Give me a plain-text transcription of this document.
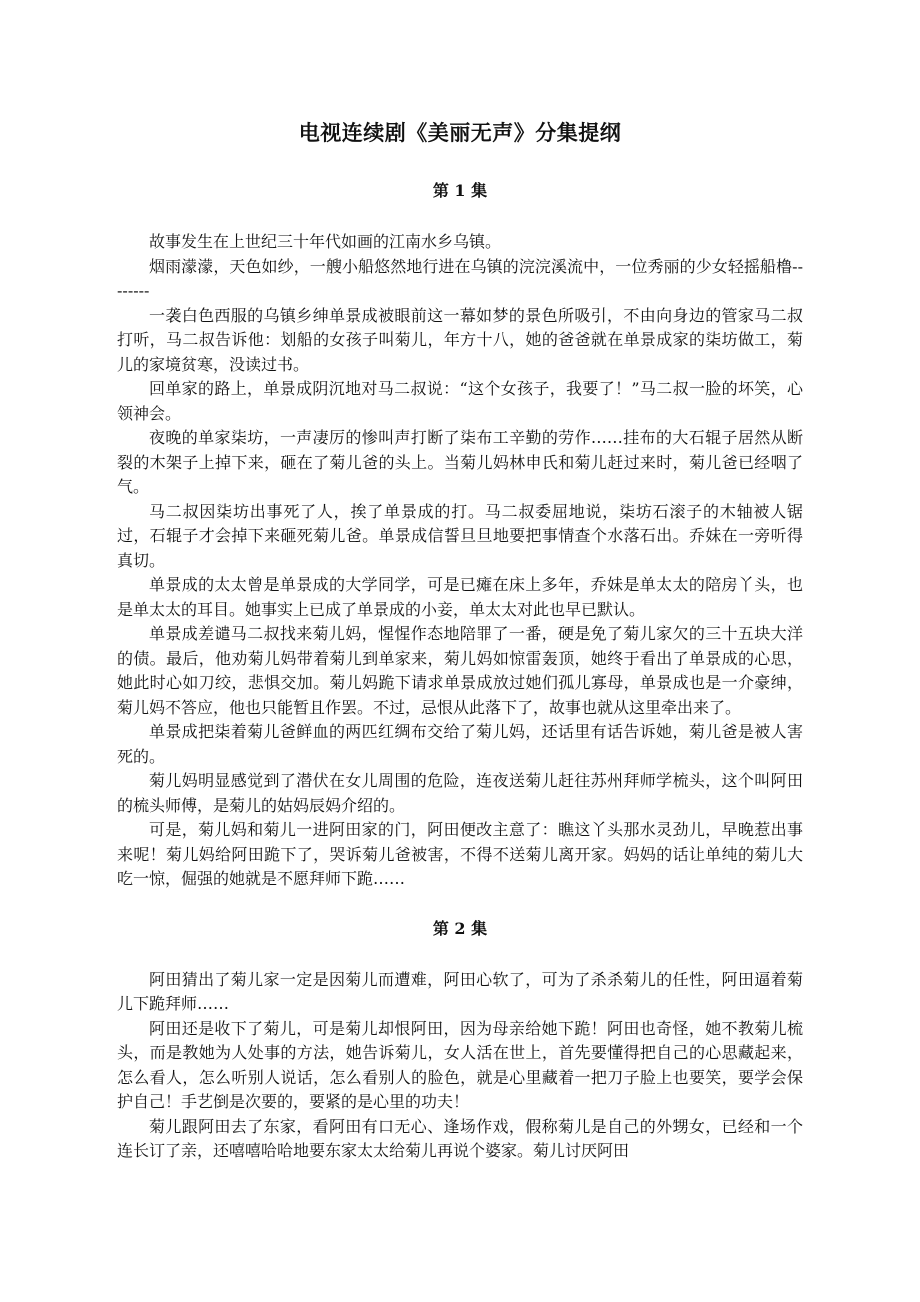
电视连续剧《美丽无声》分集提纲
第 1 集

故事发生在上世纪三十年代如画的江南水乡乌镇。

烟雨濛濛，天色如纱，一艘小船悠然地行进在乌镇的浣浣溪流中，一位秀丽的少女轻摇船橹--------

一袭白色西服的乌镇乡绅单景成被眼前这一幕如梦的景色所吸引，不由向身边的管家马二叔打听，马二叔告诉他：划船的女孩子叫菊儿，年方十八，她的爸爸就在单景成家的柒坊做工，菊儿的家境贫寒，没读过书。

回单家的路上，单景成阴沉地对马二叔说：“这个女孩子，我要了！”马二叔一脸的坏笑，心领神会。

夜晚的单家柒坊，一声凄厉的惨叫声打断了柒布工辛勤的劳作……挂布的大石辊子居然从断裂的木架子上掉下来，砸在了菊儿爸的头上。当菊儿妈林申氏和菊儿赶过来时，菊儿爸已经咽了气。

马二叔因柒坊出事死了人，挨了单景成的打。马二叔委屈地说，柒坊石滚子的木轴被人锯过，石辊子才会掉下来砸死菊儿爸。单景成信誓旦旦地要把事情查个水落石出。乔妹在一旁听得真切。

单景成的太太曾是单景成的大学同学，可是已瘫在床上多年，乔妹是单太太的陪房丫头，也是单太太的耳目。她事实上已成了单景成的小妾，单太太对此也早已默认。

单景成差谴马二叔找来菊儿妈，惺惺作态地陪罪了一番，硬是免了菊儿家欠的三十五块大洋的债。最后，他劝菊儿妈带着菊儿到单家来，菊儿妈如惊雷轰顶，她终于看出了单景成的心思，她此时心如刀绞，悲惧交加。菊儿妈跪下请求单景成放过她们孤儿寡母，单景成也是一介豪绅，菊儿妈不答应，他也只能暂且作罢。不过，忌恨从此落下了，故事也就从这里牵出来了。

单景成把柒着菊儿爸鲜血的两匹红绸布交给了菊儿妈，还话里有话告诉她，菊儿爸是被人害死的。

菊儿妈明显感觉到了潜伏在女儿周围的危险，连夜送菊儿赶往苏州拜师学梳头，这个叫阿田的梳头师傅，是菊儿的姑妈辰妈介绍的。

可是，菊儿妈和菊儿一进阿田家的门，阿田便改主意了：瞧这丫头那水灵劲儿，早晚惹出事来呢！菊儿妈给阿田跪下了，哭诉菊儿爸被害，不得不送菊儿离开家。妈妈的话让单纯的菊儿大吃一惊，倔强的她就是不愿拜师下跪……

第 2 集

阿田猜出了菊儿家一定是因菊儿而遭难，阿田心软了，可为了杀杀菊儿的任性，阿田逼着菊儿下跪拜师……

阿田还是收下了菊儿，可是菊儿却恨阿田，因为母亲给她下跪！阿田也奇怪，她不教菊儿梳头，而是教她为人处事的方法，她告诉菊儿，女人活在世上，首先要懂得把自己的心思藏起来，怎么看人，怎么听别人说话，怎么看别人的脸色，就是心里藏着一把刀子脸上也要笑，要学会保护自己！手艺倒是次要的，要紧的是心里的功夫！

菊儿跟阿田去了东家，看阿田有口无心、逢场作戏，假称菊儿是自己的外甥女，已经和一个连长订了亲，还嘻嘻哈哈地要东家太太给菊儿再说个婆家。菊儿讨厌阿田
